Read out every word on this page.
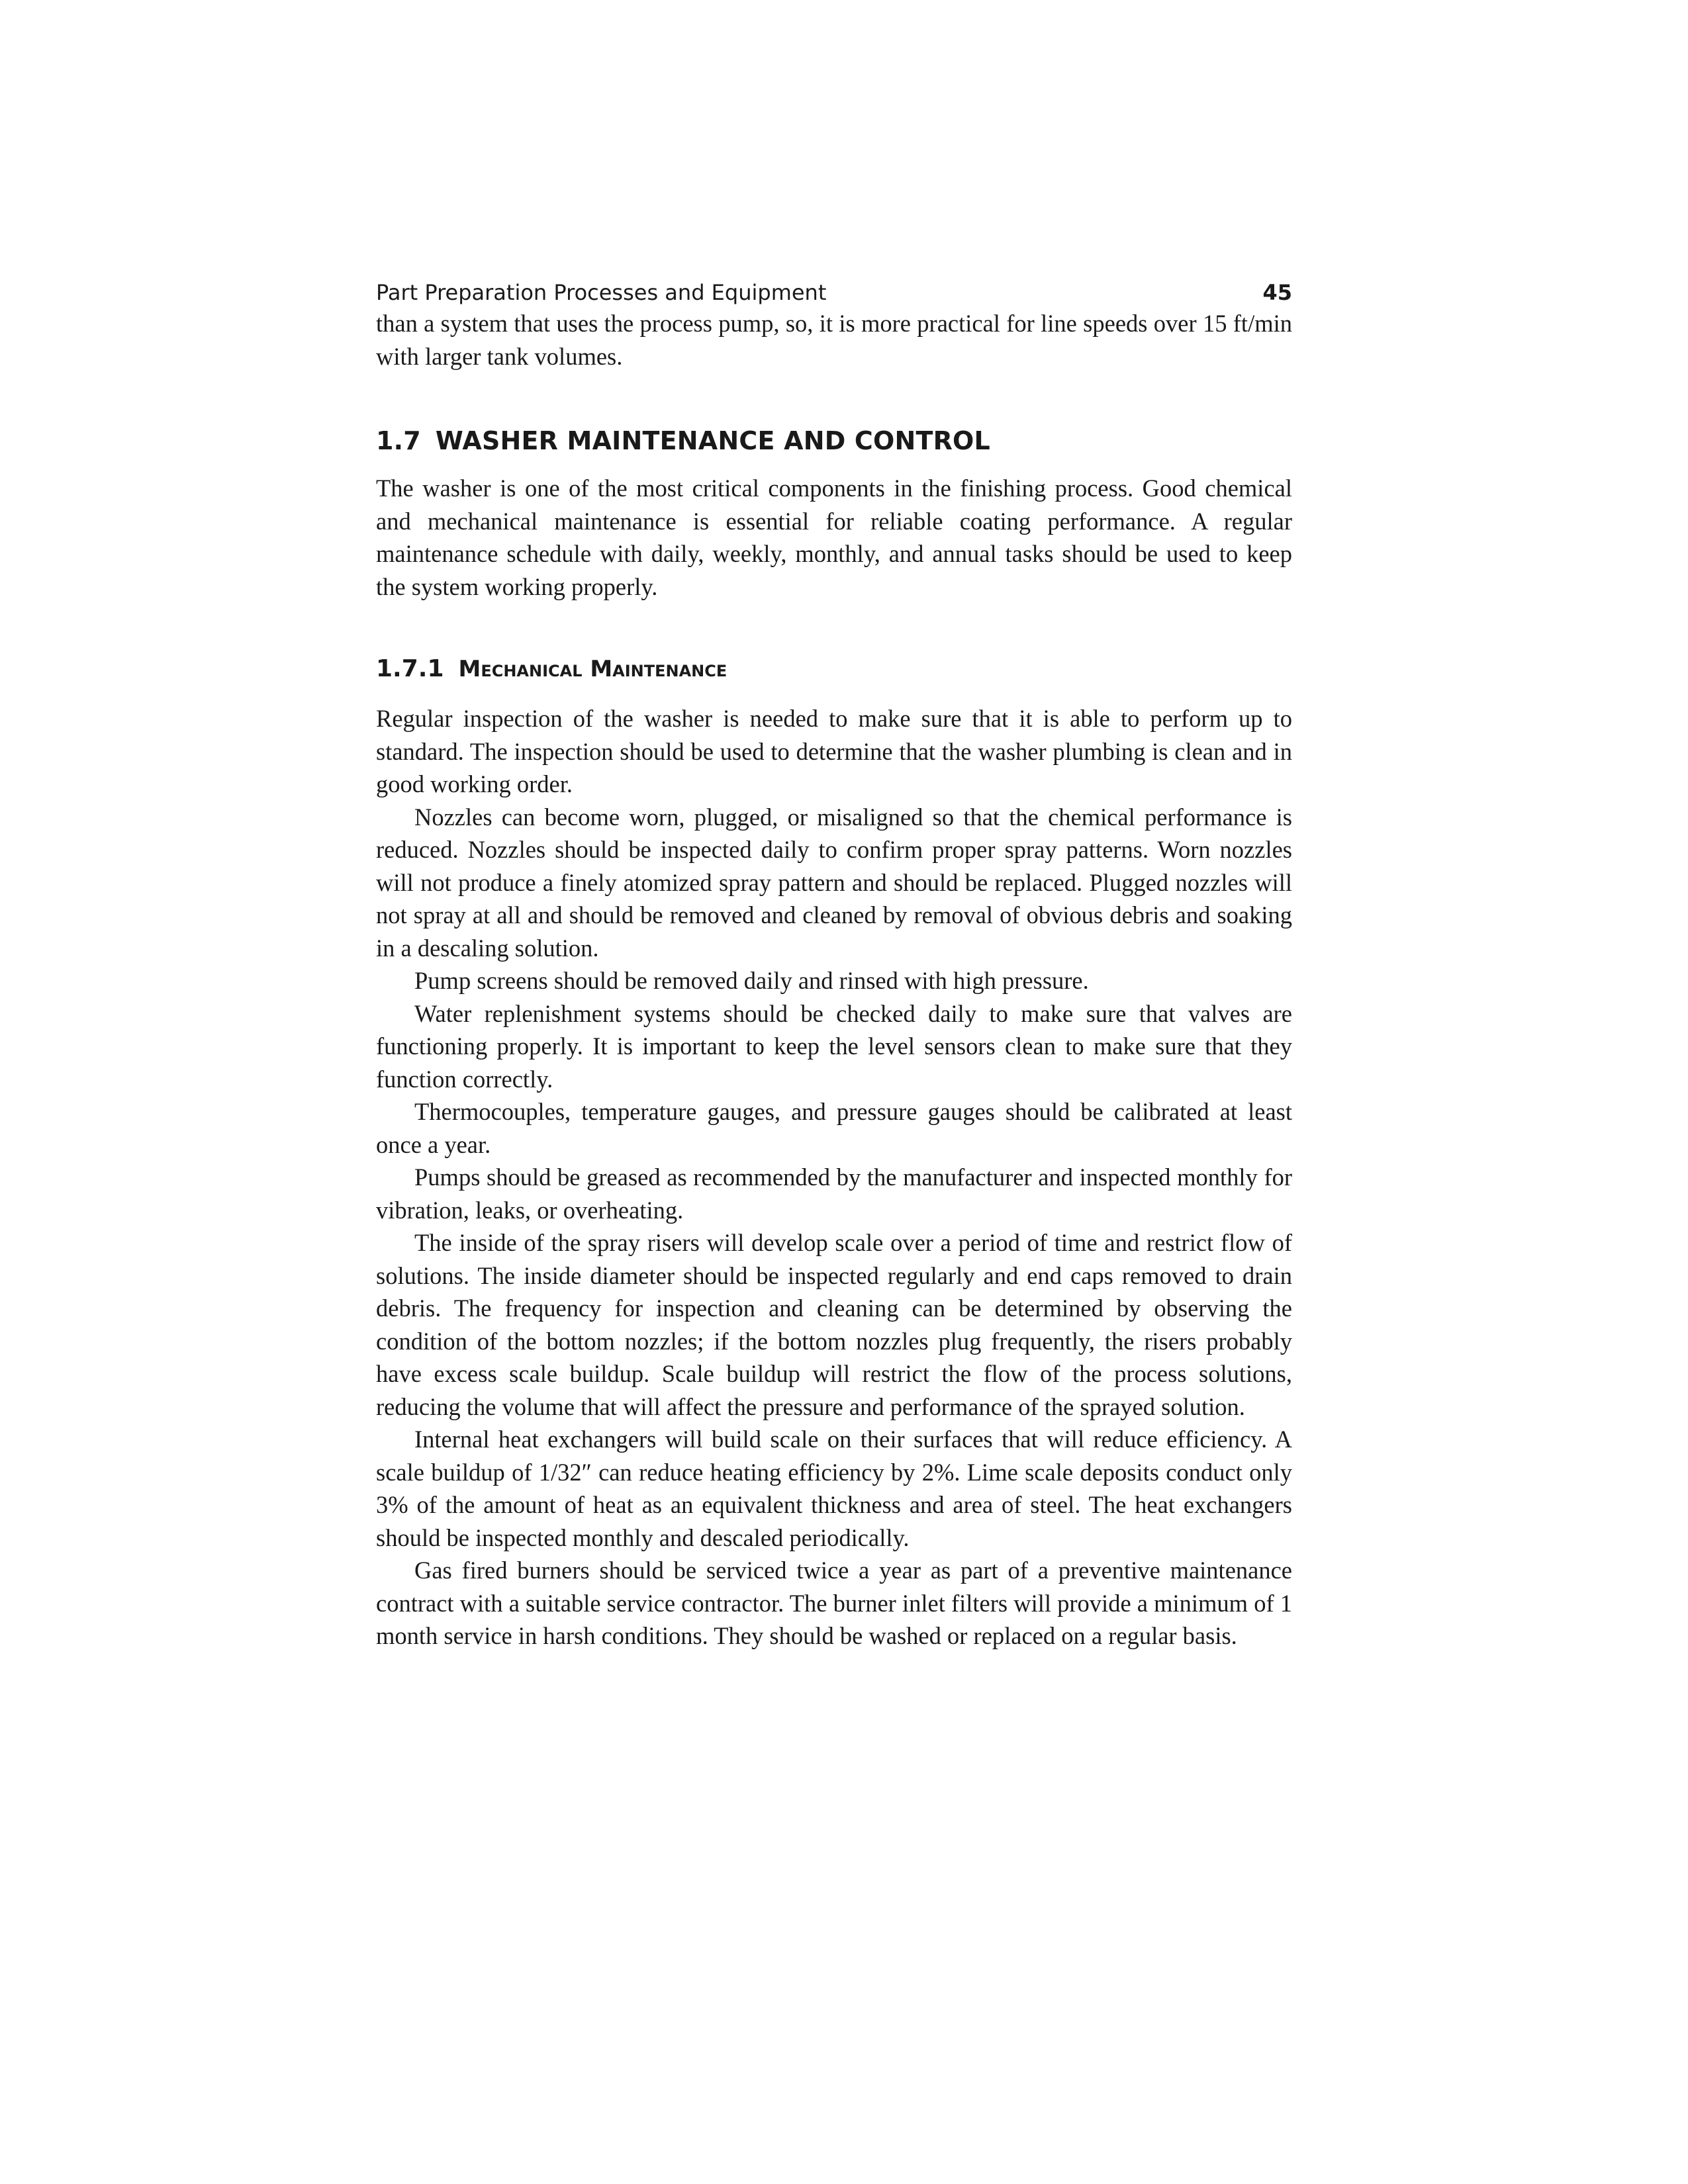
Part Preparation Processes and Equipment	45

than a system that uses the process pump, so, it is more practical for line speeds over 15 ft/min with larger tank volumes.

1.7 WASHER MAINTENANCE AND CONTROL

The washer is one of the most critical components in the finishing process. Good chemical and mechanical maintenance is essential for reliable coating performance. A regular maintenance schedule with daily, weekly, monthly, and annual tasks should be used to keep the system working properly.

1.7.1 Mechanical Maintenance

Regular inspection of the washer is needed to make sure that it is able to perform up to standard. The inspection should be used to determine that the washer plumbing is clean and in good working order.

Nozzles can become worn, plugged, or misaligned so that the chemical performance is reduced. Nozzles should be inspected daily to confirm proper spray patterns. Worn nozzles will not produce a finely atomized spray pattern and should be replaced. Plugged nozzles will not spray at all and should be removed and cleaned by removal of obvious debris and soaking in a descaling solution.

Pump screens should be removed daily and rinsed with high pressure.

Water replenishment systems should be checked daily to make sure that valves are functioning properly. It is important to keep the level sensors clean to make sure that they function correctly.

Thermocouples, temperature gauges, and pressure gauges should be calibrated at least once a year.

Pumps should be greased as recommended by the manufacturer and inspected monthly for vibration, leaks, or overheating.

The inside of the spray risers will develop scale over a period of time and restrict flow of solutions. The inside diameter should be inspected regularly and end caps removed to drain debris. The frequency for inspection and cleaning can be determined by observing the condition of the bottom nozzles; if the bottom nozzles plug frequently, the risers probably have excess scale buildup. Scale buildup will restrict the flow of the process solutions, reducing the volume that will affect the pressure and performance of the sprayed solution.

Internal heat exchangers will build scale on their surfaces that will reduce efficiency. A scale buildup of 1/32″ can reduce heating efficiency by 2%. Lime scale deposits conduct only 3% of the amount of heat as an equivalent thickness and area of steel. The heat exchangers should be inspected monthly and descaled periodically.

Gas fired burners should be serviced twice a year as part of a preventive maintenance contract with a suitable service contractor. The burner inlet filters will provide a minimum of 1 month service in harsh conditions. They should be washed or replaced on a regular basis.
